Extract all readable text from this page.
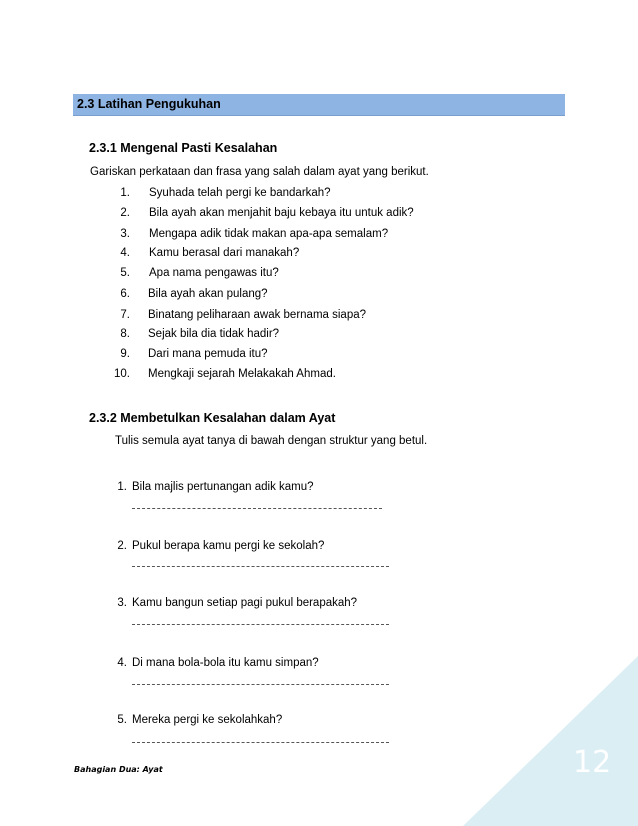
2.3 Latihan Pengukuhan
2.3.1 Mengenal Pasti Kesalahan
Gariskan perkataan dan frasa yang salah dalam ayat yang berikut.
1. Syuhada telah pergi ke bandarkah?
2. Bila ayah akan menjahit baju kebaya itu untuk adik?
3. Mengapa adik tidak makan apa-apa semalam?
4. Kamu berasal dari manakah?
5. Apa nama pengawas itu?
6. Bila ayah akan pulang?
7. Binatang peliharaan awak bernama siapa?
8. Sejak bila dia tidak hadir?
9. Dari mana pemuda itu?
10. Mengkaji sejarah Melakakah Ahmad.
2.3.2 Membetulkan Kesalahan dalam Ayat
Tulis semula ayat tanya di bawah dengan struktur yang betul.
1. Bila majlis pertunangan adik kamu?
2. Pukul berapa kamu pergi ke sekolah?
3. Kamu bangun setiap pagi pukul berapakah?
4. Di mana bola-bola itu kamu simpan?
5. Mereka pergi ke sekolahkah?
Bahagian Dua: Ayat	12
